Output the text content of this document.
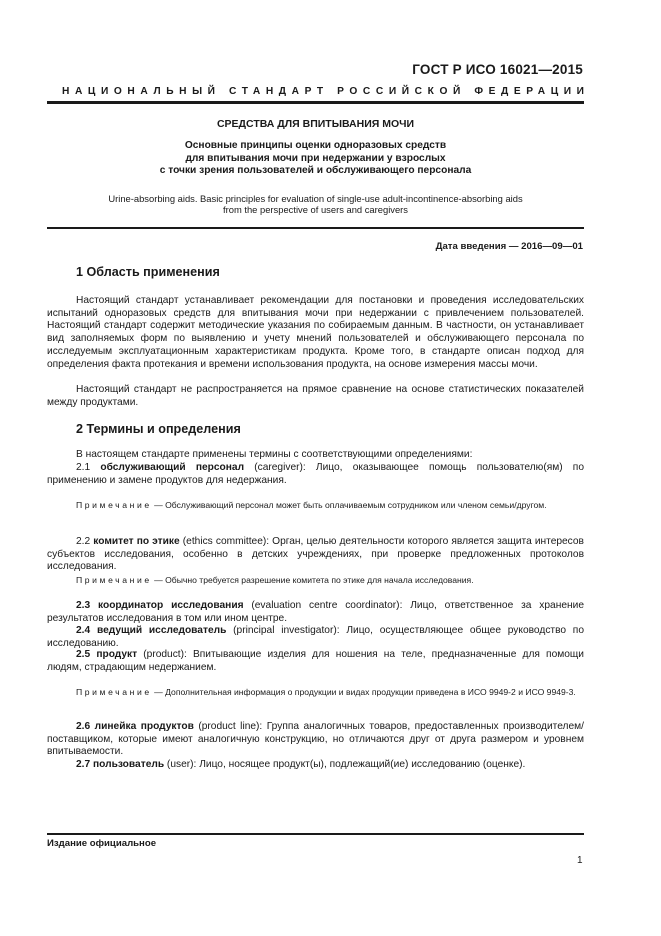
ГОСТ Р ИСО 16021—2015
НАЦИОНАЛЬНЫЙ СТАНДАРТ РОССИЙСКОЙ ФЕДЕРАЦИИ
СРЕДСТВА ДЛЯ ВПИТЫВАНИЯ МОЧИ
Основные принципы оценки одноразовых средств
для впитывания мочи при недержании у взрослых
с точки зрения пользователей и обслуживающего персонала
Urine-absorbing aids. Basic principles for evaluation of single-use adult-incontinence-absorbing aids
from the perspective of users and caregivers
Дата введения — 2016—09—01
1 Область применения

Настоящий стандарт устанавливает рекомендации для постановки и проведения исследовательских испытаний одноразовых средств для впитывания мочи при недержании с привлечением пользователей. Настоящий стандарт содержит методические указания по собираемым данным. В частности, он устанавливает вид заполняемых форм по выявлению и учету мнений пользователей и обслуживающего персонала по исследуемым эксплуатационным характеристикам продукта. Кроме того, в стандарте описан подход для определения факта протекания и времени использования продукта, на основе измерения массы мочи.

Настоящий стандарт не распространяется на прямое сравнение на основе статистических показателей между продуктами.

2 Термины и определения

В настоящем стандарте применены термины с соответствующими определениями:

2.1 обслуживающий персонал (caregiver): Лицо, оказывающее помощь пользователю(ям) по применению и замене продуктов для недержания.

Примечание — Обслуживающий персонал может быть оплачиваемым сотрудником или членом семьи/другом.

2.2 комитет по этике (ethics committee): Орган, целью деятельности которого является защита интересов субъектов исследования, особенно в детских учреждениях, при проверке предложенных протоколов исследования.

Примечание — Обычно требуется разрешение комитета по этике для начала исследования.

2.3 координатор исследования (evaluation centre coordinator): Лицо, ответственное за хранение результатов исследования в том или ином центре.

2.4 ведущий исследователь (principal investigator): Лицо, осуществляющее общее руководство по исследованию.

2.5 продукт (product): Впитывающие изделия для ношения на теле, предназначенные для помощи людям, страдающим недержанием.

Примечание — Дополнительная информация о продукции и видах продукции приведена в ИСО 9949-2 и ИСО 9949-3.

2.6 линейка продуктов (product line): Группа аналогичных товаров, предоставленных производителем/поставщиком, которые имеют аналогичную конструкцию, но отличаются друг от друга размером и уровнем впитываемости.

2.7 пользователь (user): Лицо, носящее продукт(ы), подлежащий(ие) исследованию (оценке).

Издание официальное
1
